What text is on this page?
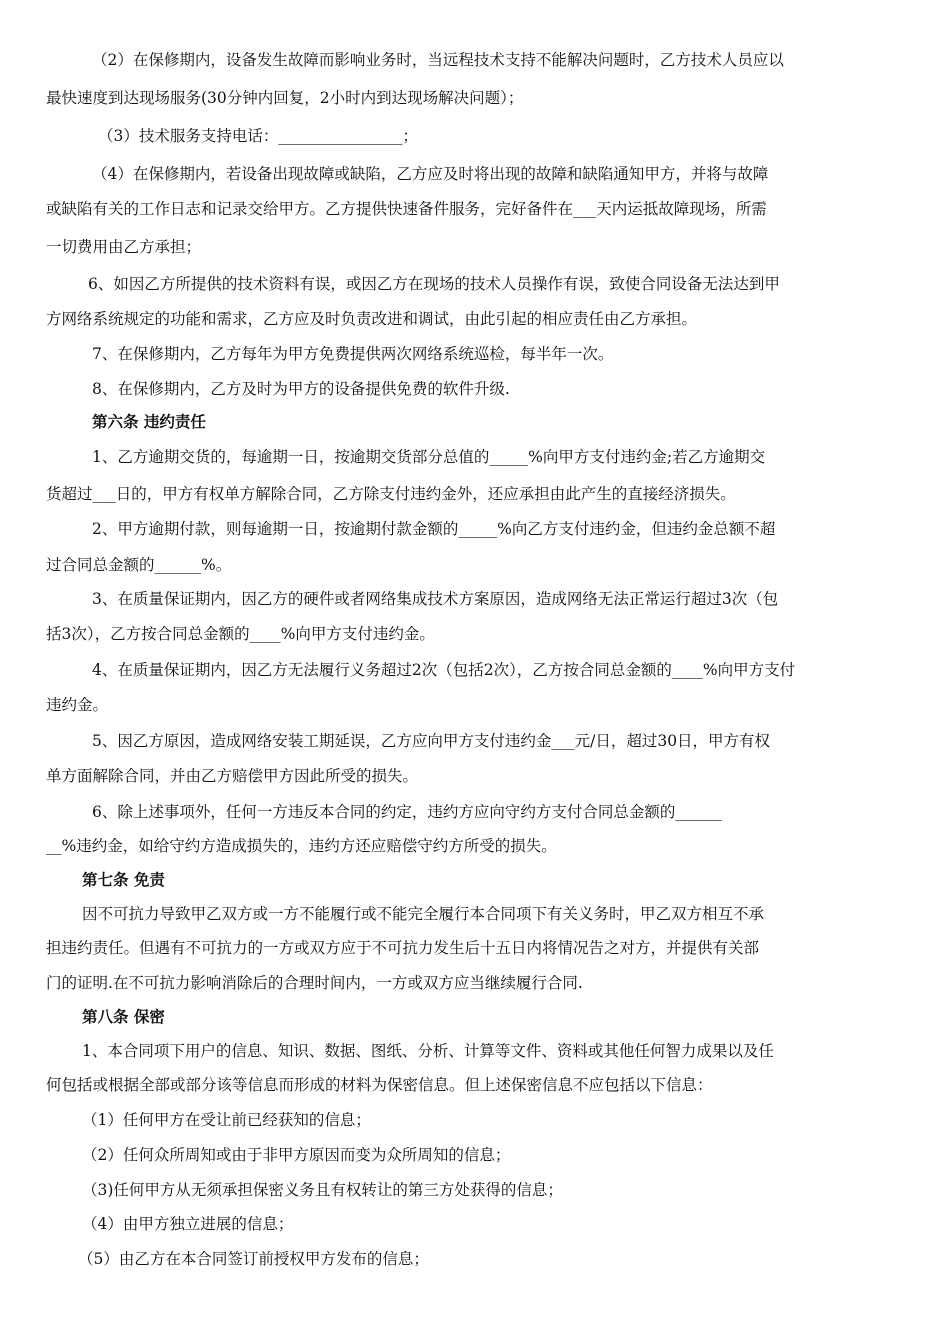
（2）在保修期内，设备发生故障而影响业务时，当远程技术支持不能解决问题时，乙方技术人员应以
最快速度到达现场服务(30分钟内回复，2小时内到达现场解决问题）；
（3）技术服务支持电话：________________；
（4）在保修期内，若设备出现故障或缺陷，乙方应及时将出现的故障和缺陷通知甲方，并将与故障
或缺陷有关的工作日志和记录交给甲方。乙方提供快速备件服务，完好备件在___天内运抵故障现场，所需
一切费用由乙方承担；
6、如因乙方所提供的技术资料有误，或因乙方在现场的技术人员操作有误，致使合同设备无法达到甲
方网络系统规定的功能和需求，乙方应及时负责改进和调试，由此引起的相应责任由乙方承担。
7、在保修期内，乙方每年为甲方免费提供两次网络系统巡检，每半年一次。
8、在保修期内，乙方及时为甲方的设备提供免费的软件升级.
第六条 违约责任
1、乙方逾期交货的，每逾期一日，按逾期交货部分总值的_____%向甲方支付违约金;若乙方逾期交
货超过___日的，甲方有权单方解除合同，乙方除支付违约金外，还应承担由此产生的直接经济损失。
2、甲方逾期付款，则每逾期一日，按逾期付款金额的_____%向乙方支付违约金，但违约金总额不超
过合同总金额的______%。
3、在质量保证期内，因乙方的硬件或者网络集成技术方案原因，造成网络无法正常运行超过3次（包
括3次），乙方按合同总金额的____%向甲方支付违约金。
4、在质量保证期内，因乙方无法履行义务超过2次（包括2次），乙方按合同总金额的____%向甲方支付
违约金。
5、因乙方原因，造成网络安装工期延误，乙方应向甲方支付违约金___元/日，超过30日，甲方有权
单方面解除合同，并由乙方赔偿甲方因此所受的损失。
6、除上述事项外，任何一方违反本合同的约定，违约方应向守约方支付合同总金额的______
__%违约金，如给守约方造成损失的，违约方还应赔偿守约方所受的损失。
第七条 免责
因不可抗力导致甲乙双方或一方不能履行或不能完全履行本合同项下有关义务时，甲乙双方相互不承
担违约责任。但遇有不可抗力的一方或双方应于不可抗力发生后十五日内将情况告之对方，并提供有关部
门的证明.在不可抗力影响消除后的合理时间内，一方或双方应当继续履行合同.
第八条 保密
1、本合同项下用户的信息、知识、数据、图纸、分析、计算等文件、资料或其他任何智力成果以及任
何包括或根据全部或部分该等信息而形成的材料为保密信息。但上述保密信息不应包括以下信息：
（1）任何甲方在受让前已经获知的信息；
（2）任何众所周知或由于非甲方原因而变为众所周知的信息；
（3)任何甲方从无须承担保密义务且有权转让的第三方处获得的信息；
（4）由甲方独立进展的信息；
（5）由乙方在本合同签订前授权甲方发布的信息；
